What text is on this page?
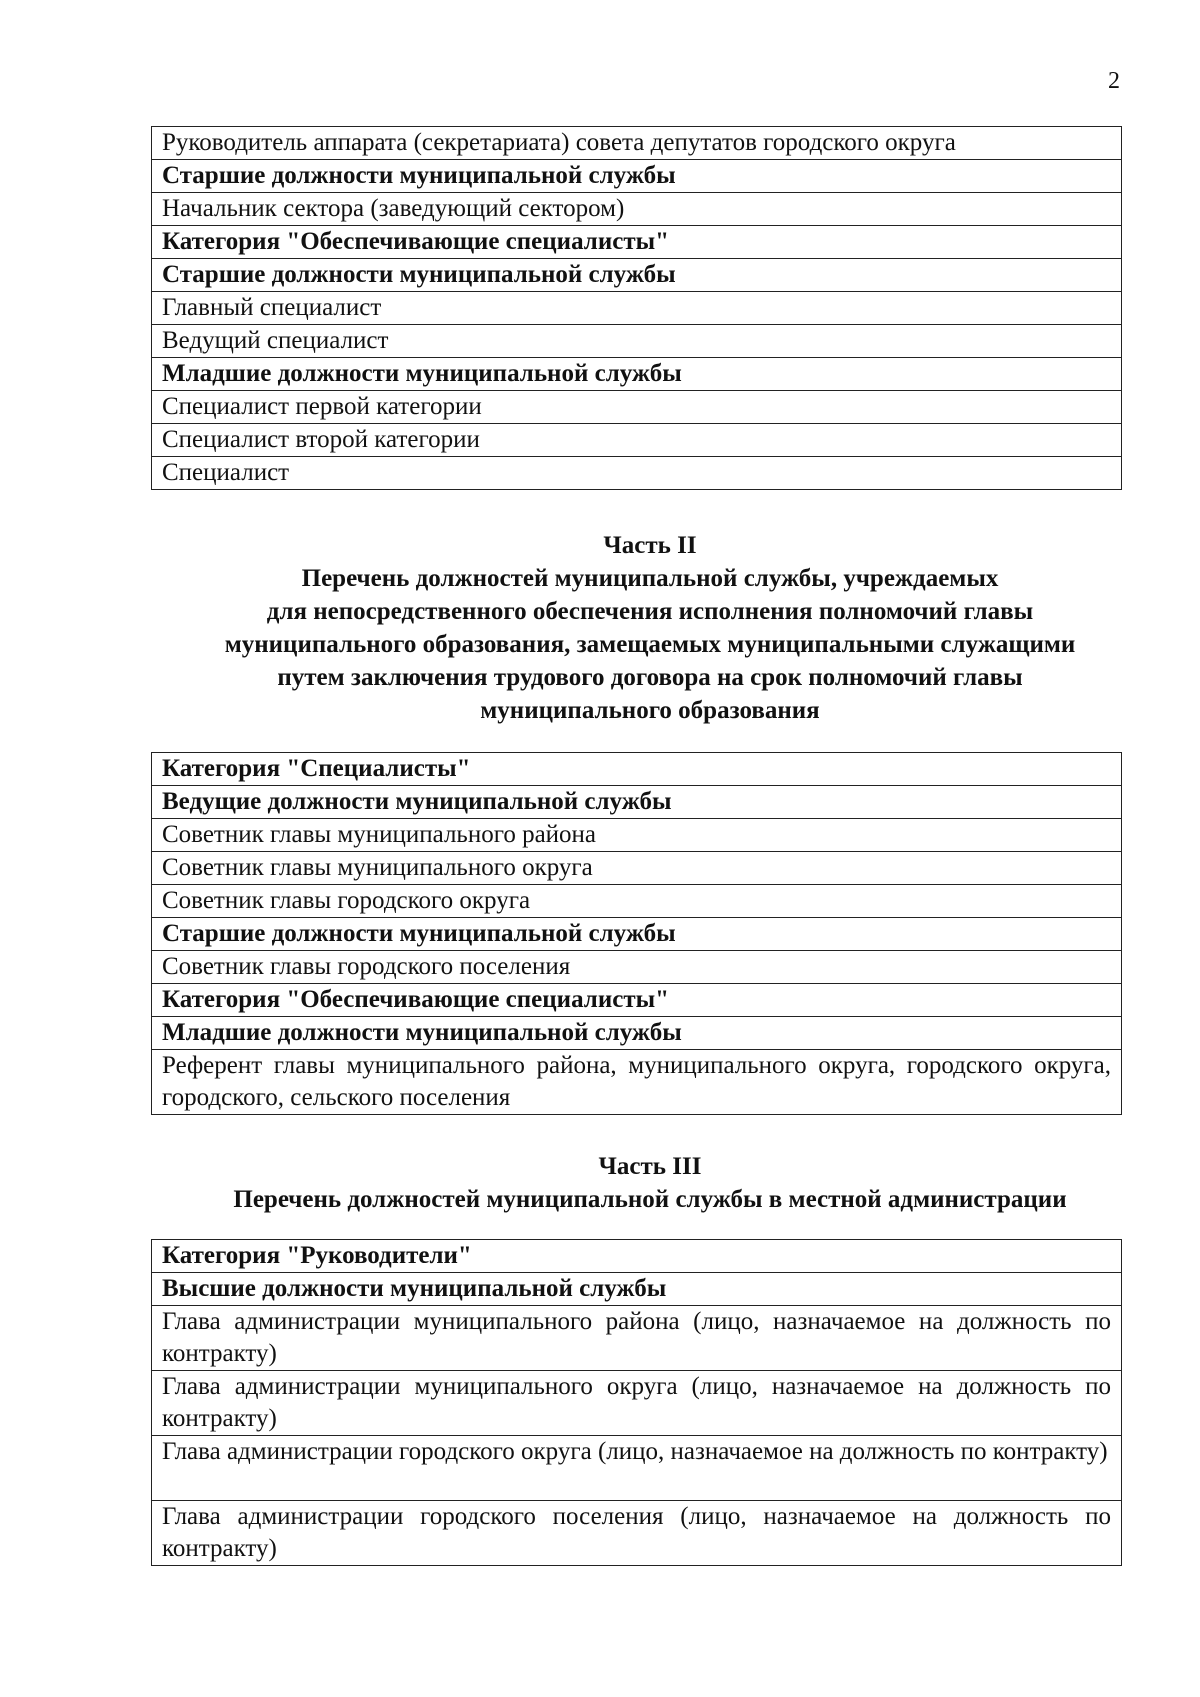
2
Руководитель аппарата (секретариата) совета депутатов городского округа
Старшие должности муниципальной службы
Начальник сектора (заведующий сектором)
Категория "Обеспечивающие специалисты"
Старшие должности муниципальной службы
Главный специалист
Ведущий специалист
Младшие должности муниципальной службы
Специалист первой категории
Специалист второй категории
Специалист
Часть II
Перечень должностей муниципальной службы, учреждаемых
для непосредственного обеспечения исполнения полномочий главы
муниципального образования, замещаемых муниципальными служащими
путем заключения трудового договора на срок полномочий главы
муниципального образования
Категория "Специалисты"
Ведущие должности муниципальной службы
Советник главы муниципального района
Советник главы муниципального округа
Советник главы городского округа
Старшие должности муниципальной службы
Советник главы городского поселения
Категория "Обеспечивающие специалисты"
Младшие должности муниципальной службы
Референт главы муниципального района, муниципального округа, городского округа, городского, сельского поселения
Часть III
Перечень должностей муниципальной службы в местной администрации
Категория "Руководители"
Высшие должности муниципальной службы
Глава администрации муниципального района (лицо, назначаемое на должность по контракту)
Глава администрации муниципального округа (лицо, назначаемое на должность по контракту)
Глава администрации городского округа (лицо, назначаемое на должность по контракту)
Глава администрации городского поселения (лицо, назначаемое на должность по контракту)
